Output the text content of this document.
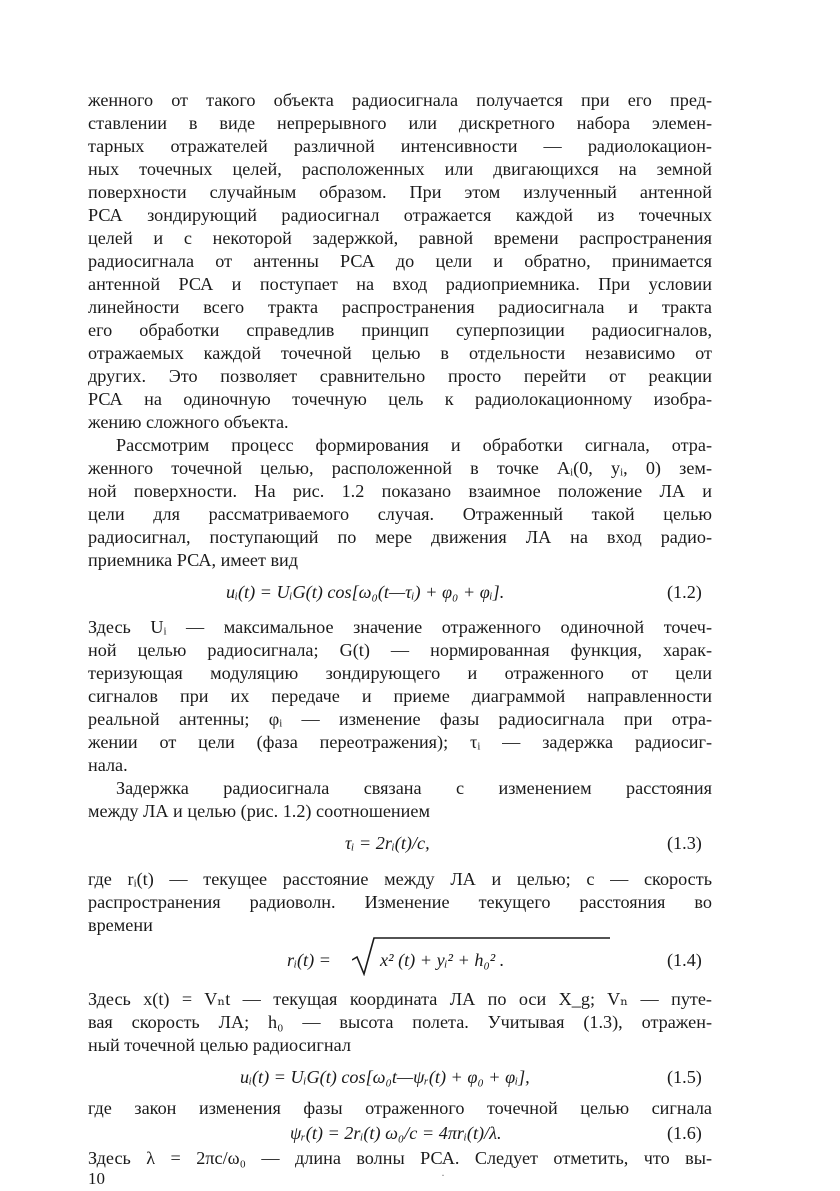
женного от такого объекта радиосигнала получается при его пред-
ставлении в виде непрерывного или дискретного набора элемен-
тарных отражателей различной интенсивности — радиолокацион-
ных точечных целей, расположенных или двигающихся на земной
поверхности случайным образом. При этом излученный антенной
РСА зондирующий радиосигнал отражается каждой из точечных
целей и с некоторой задержкой, равной времени распространения
радиосигнала от антенны РСА до цели и обратно, принимается
антенной РСА и поступает на вход радиоприемника. При условии
линейности всего тракта распространения радиосигнала и тракта
его обработки справедлив принцип суперпозиции радиосигналов,
отражаемых каждой точечной целью в отдельности независимо от
других. Это позволяет сравнительно просто перейти от реакции
РСА на одиночную точечную цель к радиолокационному изобра-
жению сложного объекта.
Рассмотрим процесс формирования и обработки сигнала, отра-
женного точечной целью, расположенной в точке Aᵢ(0, yᵢ, 0) зем-
ной поверхности. На рис. 1.2 показано взаимное положение ЛА и
цели для рассматриваемого случая. Отраженный такой целью
радиосигнал, поступающий по мере движения ЛА на вход радио-
приемника РСА, имеет вид
uᵢ(t) = UᵢG(t) cos[ω₀(t—τᵢ) + φ₀ + φᵢ].	(1.2)
Здесь Uᵢ — максимальное значение отраженного одиночной точеч-
ной целью радиосигнала; G(t) — нормированная функция, харак-
теризующая модуляцию зондирующего и отраженного от цели
сигналов при их передаче и приеме диаграммой направленности
реальной антенны; φᵢ — изменение фазы радиосигнала при отра-
жении от цели (фаза переотражения); τᵢ — задержка радиосиг-
нала.
Задержка радиосигнала связана с изменением расстояния
между ЛА и целью (рис. 1.2) соотношением
τᵢ = 2rᵢ(t)/c,	(1.3)
где rᵢ(t) — текущее расстояние между ЛА и целью; c — скорость
распространения радиоволн. Изменение текущего расстояния во
времени
rᵢ(t) =	x² (t) + yᵢ² + h₀² .	(1.4)
Здесь x(t) = Vₙt — текущая координата ЛА по оси X_g; Vₙ — путе-
вая скорость ЛА; h₀ — высота полета. Учитывая (1.3), отражен-
ный точечной целью радиосигнал
uᵢ(t) = UᵢG(t) cos[ω₀t—ψᵣ(t) + φ₀ + φᵢ],	(1.5)
где закон изменения фазы отраженного точечной целью сигнала
ψᵣ(t) = 2rᵢ(t) ω₀/c = 4πrᵢ(t)/λ.	(1.6)
Здесь λ = 2πc/ω₀ — длина волны РСА. Следует отметить, что вы-
10	·
